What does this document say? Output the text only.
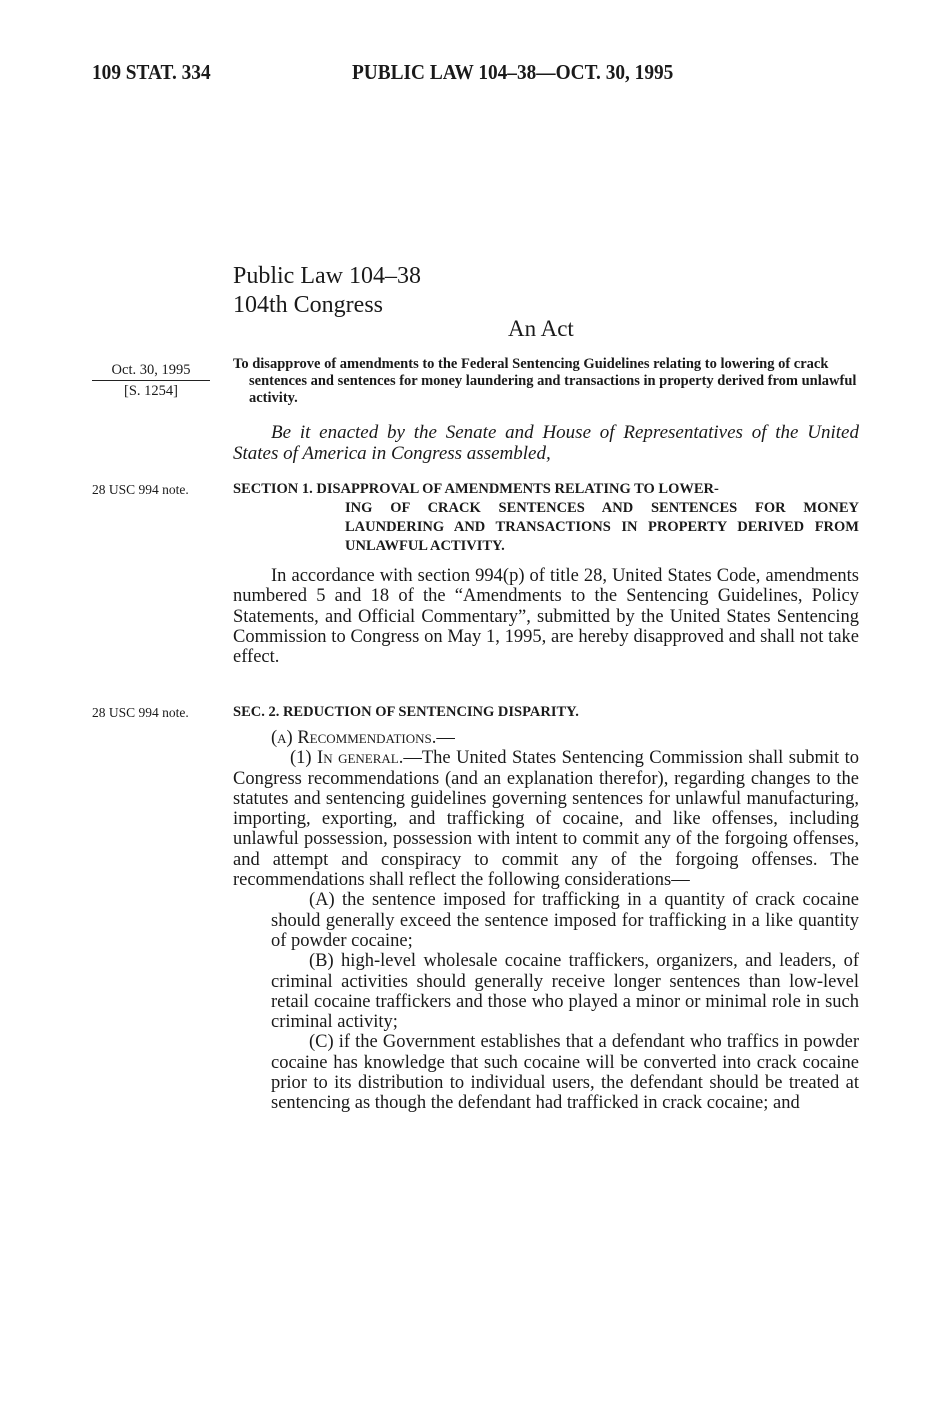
109 STAT. 334	PUBLIC LAW 104–38—OCT. 30, 1995
Public Law 104–38
104th Congress
An Act
Oct. 30, 1995
[S. 1254]
To disapprove of amendments to the Federal Sentencing Guidelines relating to lowering of crack sentences and sentences for money laundering and transactions in property derived from unlawful activity.
Be it enacted by the Senate and House of Representatives of the United States of America in Congress assembled,
28 USC 994 note.	SECTION 1. DISAPPROVAL OF AMENDMENTS RELATING TO LOWER-
ING OF CRACK SENTENCES AND SENTENCES FOR MONEY LAUNDERING AND TRANSACTIONS IN PROPERTY DERIVED FROM UNLAWFUL ACTIVITY.

In accordance with section 994(p) of title 28, United States Code, amendments numbered 5 and 18 of the “Amendments to the Sentencing Guidelines, Policy Statements, and Official Commentary”, submitted by the United States Sentencing Commission to Congress on May 1, 1995, are hereby disapproved and shall not take effect.

28 USC 994 note.	SEC. 2. REDUCTION OF SENTENCING DISPARITY.

(a) Recommendations.—

(1) In general.—The United States Sentencing Commission shall submit to Congress recommendations (and an explanation therefor), regarding changes to the statutes and sentencing guidelines governing sentences for unlawful manufacturing, importing, exporting, and trafficking of cocaine, and like offenses, including unlawful possession, possession with intent to commit any of the forgoing offenses, and attempt and conspiracy to commit any of the forgoing offenses. The recommendations shall reflect the following considerations—

(A) the sentence imposed for trafficking in a quantity of crack cocaine should generally exceed the sentence imposed for trafficking in a like quantity of powder cocaine;

(B) high-level wholesale cocaine traffickers, organizers, and leaders, of criminal activities should generally receive longer sentences than low-level retail cocaine traffickers and those who played a minor or minimal role in such criminal activity;

(C) if the Government establishes that a defendant who traffics in powder cocaine has knowledge that such cocaine will be converted into crack cocaine prior to its distribution to individual users, the defendant should be treated at sentencing as though the defendant had trafficked in crack cocaine; and
